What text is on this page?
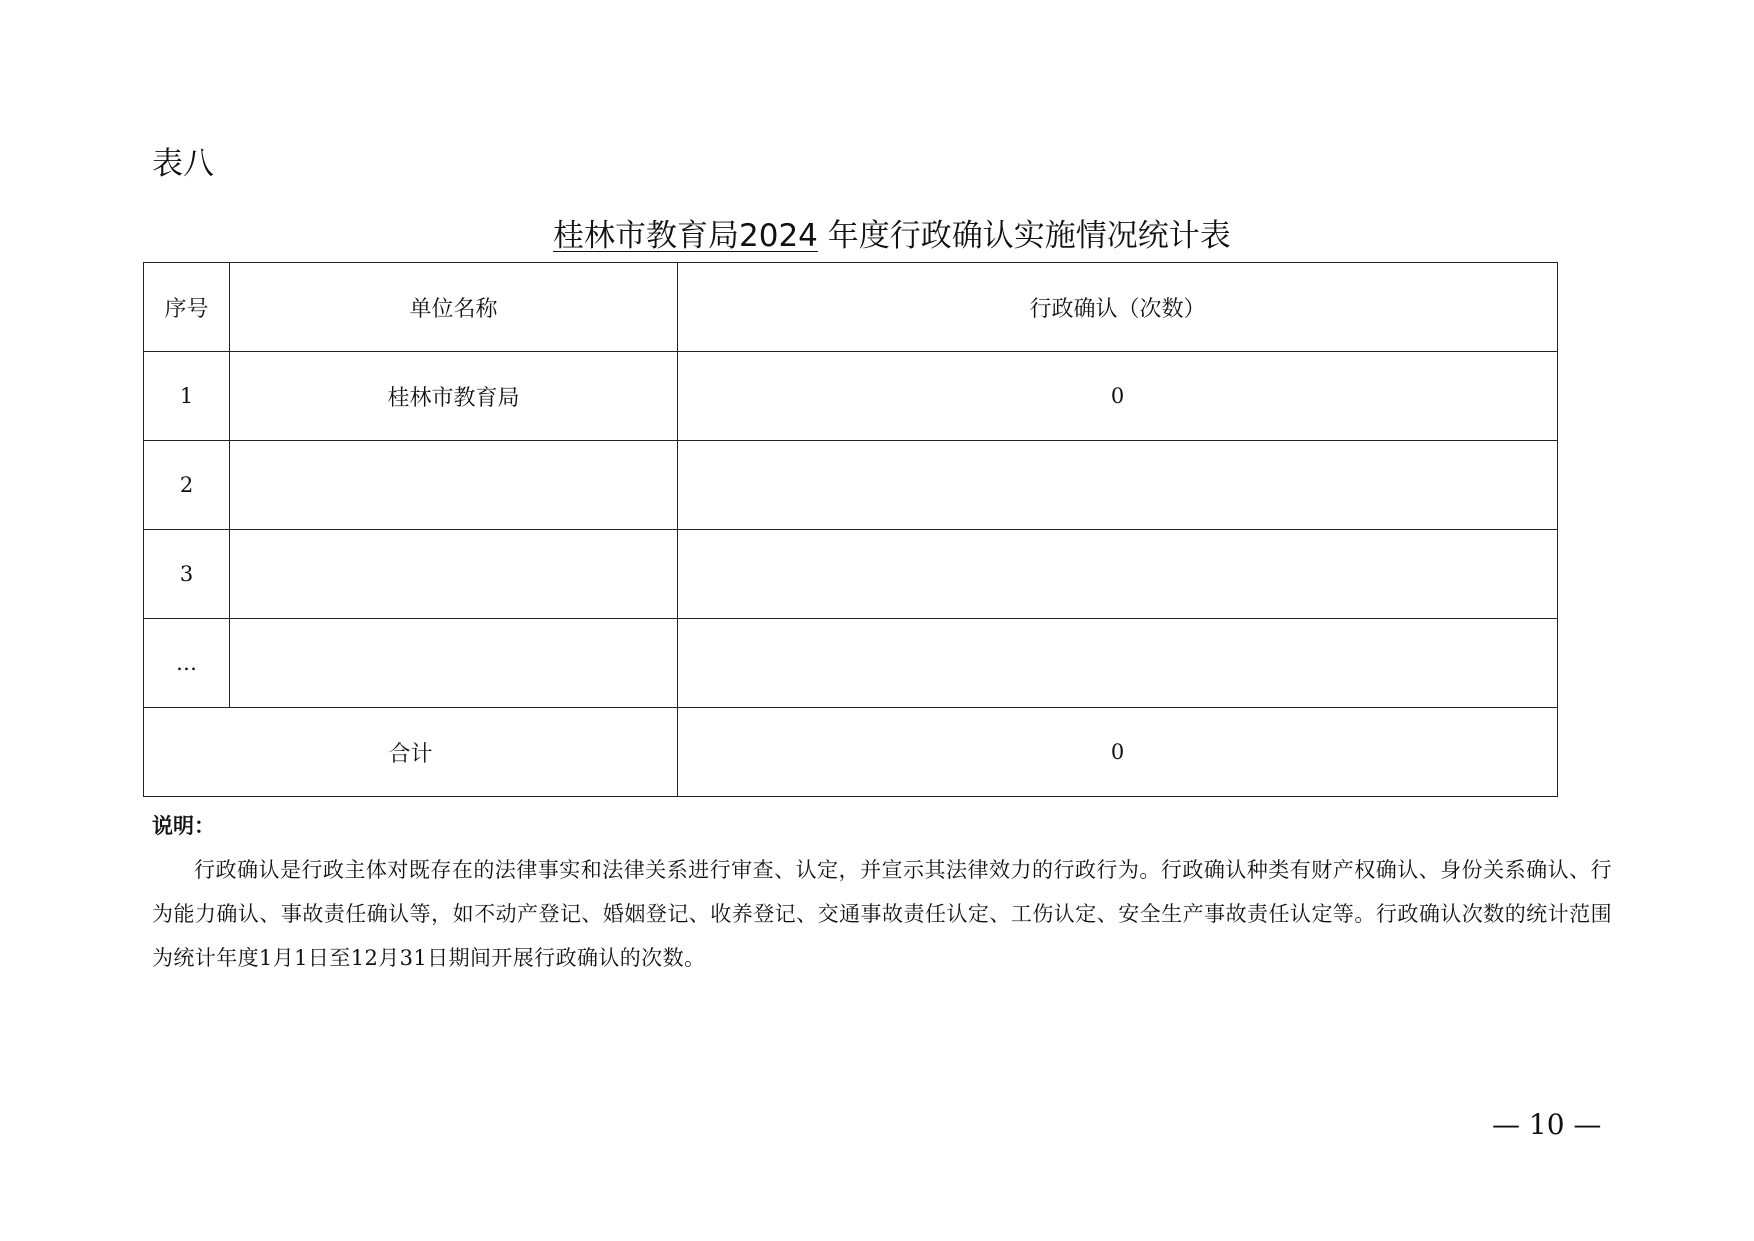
表八
桂林市教育局2024 年度行政确认实施情况统计表
序号	单位名称	行政确认（次数）
1	桂林市教育局	0
2		
3		
…		
合计		0
说明：
行政确认是行政主体对既存在的法律事实和法律关系进行审查、认定，并宣示其法律效力的行政行为。行政确认种类有财产权确认、身份关系确认、行为能力确认、事故责任确认等，如不动产登记、婚姻登记、收养登记、交通事故责任认定、工伤认定、安全生产事故责任认定等。行政确认次数的统计范围为统计年度1月1日至12月31日期间开展行政确认的次数。
— 10 —
